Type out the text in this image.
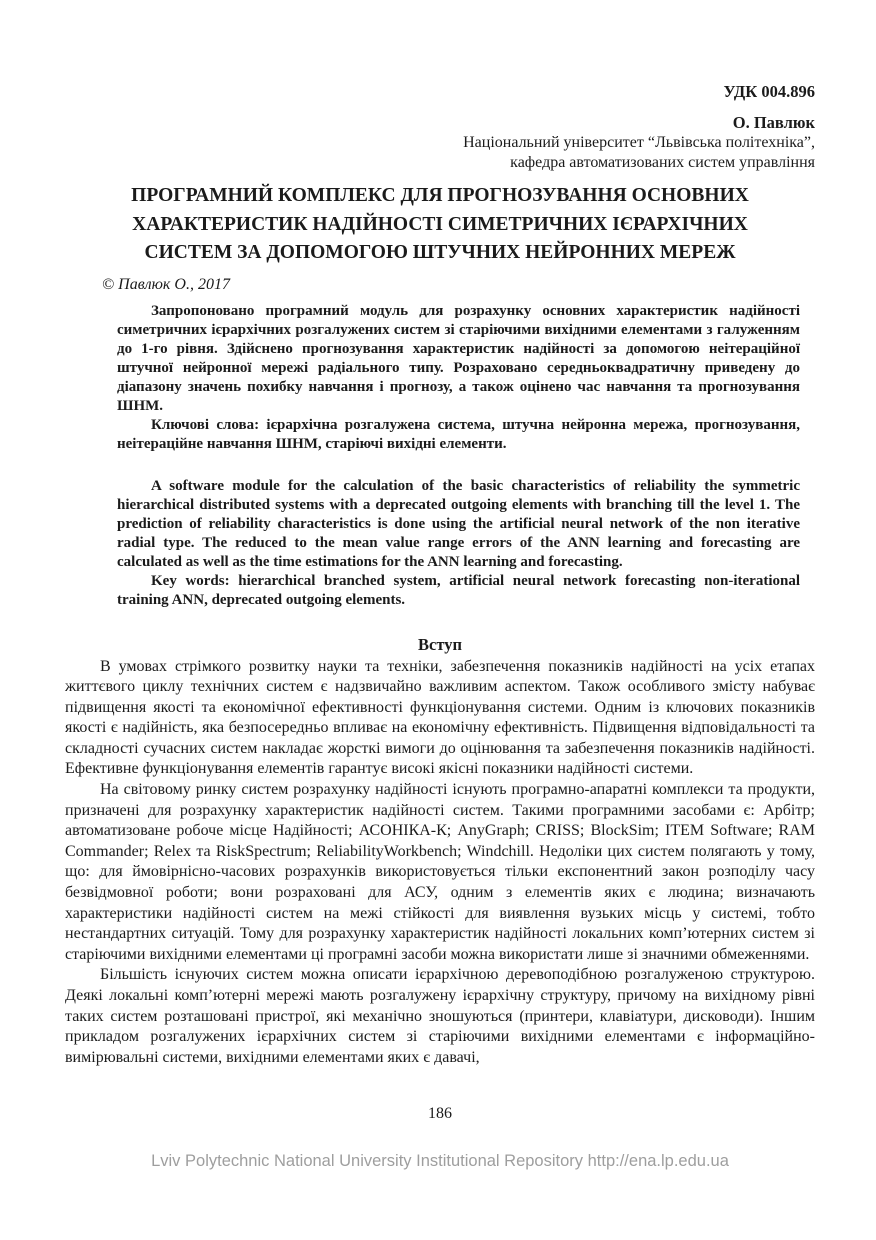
УДК 004.896
О. Павлюк
Національний університет “Львівська політехніка”,
кафедра автоматизованих систем управління
ПРОГРАМНИЙ КОМПЛЕКС ДЛЯ ПРОГНОЗУВАННЯ ОСНОВНИХ ХАРАКТЕРИСТИК НАДІЙНОСТІ СИМЕТРИЧНИХ ІЄРАРХІЧНИХ СИСТЕМ ЗА ДОПОМОГОЮ ШТУЧНИХ НЕЙРОННИХ МЕРЕЖ
© Павлюк О., 2017

Запропоновано програмний модуль для розрахунку основних характеристик надійності симетричних ієрархічних розгалужених систем зі старіючими вихідними елементами з галуженням до 1-го рівня. Здійснено прогнозування характеристик надійності за допомогою неітераційної штучної нейронної мережі радіального типу. Розраховано середньоквадратичну приведену до діапазону значень похибку навчання і прогнозу, а також оцінено час навчання та прогнозування ШНМ.

Ключові слова: ієрархічна розгалужена система, штучна нейронна мережа, прогнозування, неітераційне навчання ШНМ, старіючі вихідні елементи.

A software module for the calculation of the basic characteristics of reliability the symmetric hierarchical distributed systems with a deprecated outgoing elements with branching till the level 1. The prediction of reliability characteristics is done using the artificial neural network of the non iterative radial type. The reduced to the mean value range errors of the ANN learning and forecasting are calculated as well as the time estimations for the ANN learning and forecasting.

Key words: hierarchical branched system, artificial neural network forecasting non-iterational training ANN, deprecated outgoing elements.

Вступ

В умовах стрімкого розвитку науки та техніки, забезпечення показників надійності на усіх етапах життєвого циклу технічних систем є надзвичайно важливим аспектом. Також особливого змісту набуває підвищення якості та економічної ефективності функціонування системи. Одним із ключових показників якості є надійність, яка безпосередньо впливає на економічну ефективність. Підвищення відповідальності та складності сучасних систем накладає жорсткі вимоги до оцінювання та забезпечення показників надійності. Ефективне функціонування елементів гарантує високі якісні показники надійності системи.

На світовому ринку систем розрахунку надійності існують програмно-апаратні комплекси та продукти, призначені для розрахунку характеристик надійності систем. Такими програмними засобами є: Арбітр; автоматизоване робоче місце Надійності; АСОНІКА-К; AnyGraph; CRISS; BlockSim; ITEM Software; RAM Commander; Relex та RiskSpectrum; ReliabilityWorkbench; Windchill. Недоліки цих систем полягають у тому, що: для ймовірнісно-часових розрахунків використовується тільки експонентний закон розподілу часу безвідмовної роботи; вони розраховані для АСУ, одним з елементів яких є людина; визначають характеристики надійності систем на межі стійкості для виявлення вузьких місць у системі, тобто нестандартних ситуацій. Тому для розрахунку характеристик надійності локальних комп’ютерних систем зі старіючими вихідними елементами ці програмні засоби можна використати лише зі значними обмеженнями.

Більшість існуючих систем можна описати ієрархічною деревоподібною розгалуженою структурою. Деякі локальні комп’ютерні мережі мають розгалужену ієрархічну структуру, причому на вихідному рівні таких систем розташовані пристрої, які механічно зношуються (принтери, клавіатури, дисководи). Іншим прикладом розгалужених ієрархічних систем зі старіючими вихідними елементами є інформаційно-вимірювальні системи, вихідними елементами яких є давачі,

186
Lviv Polytechnic National University Institutional Repository http://ena.lp.edu.ua
